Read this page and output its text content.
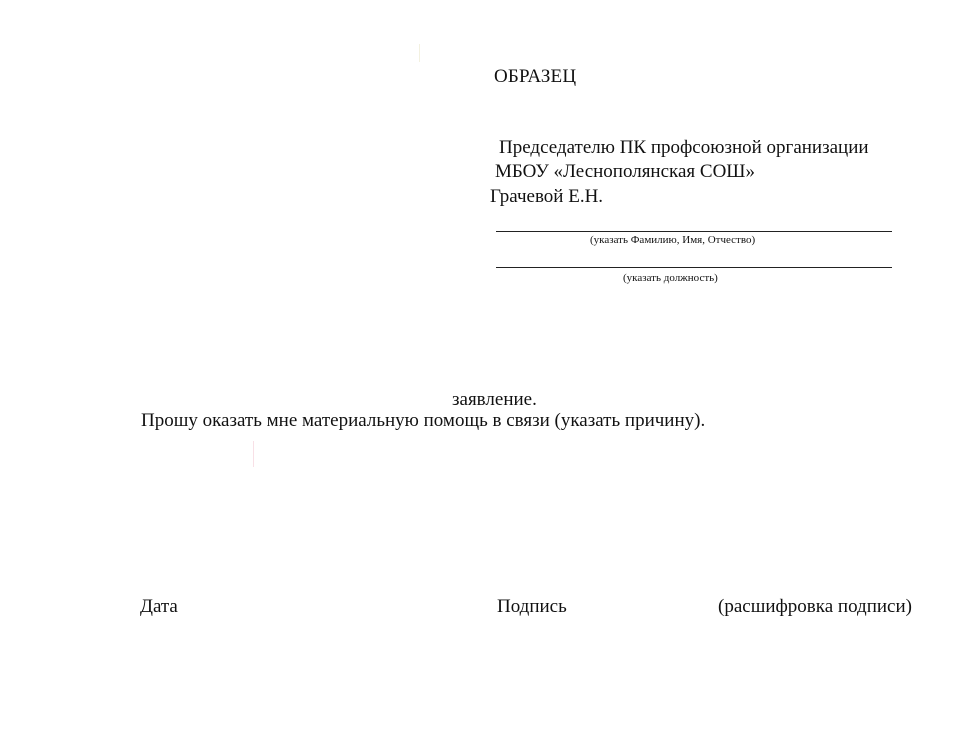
ОБРАЗЕЦ
Председателю ПК профсоюзной организации
МБОУ «Леснополянская СОШ»
Грачевой Е.Н.
(указать Фамилию, Имя, Отчество)
(указать должность)
заявление.
Прошу оказать мне материальную помощь в связи (указать причину).
Дата	Подпись	(расшифровка подписи)
